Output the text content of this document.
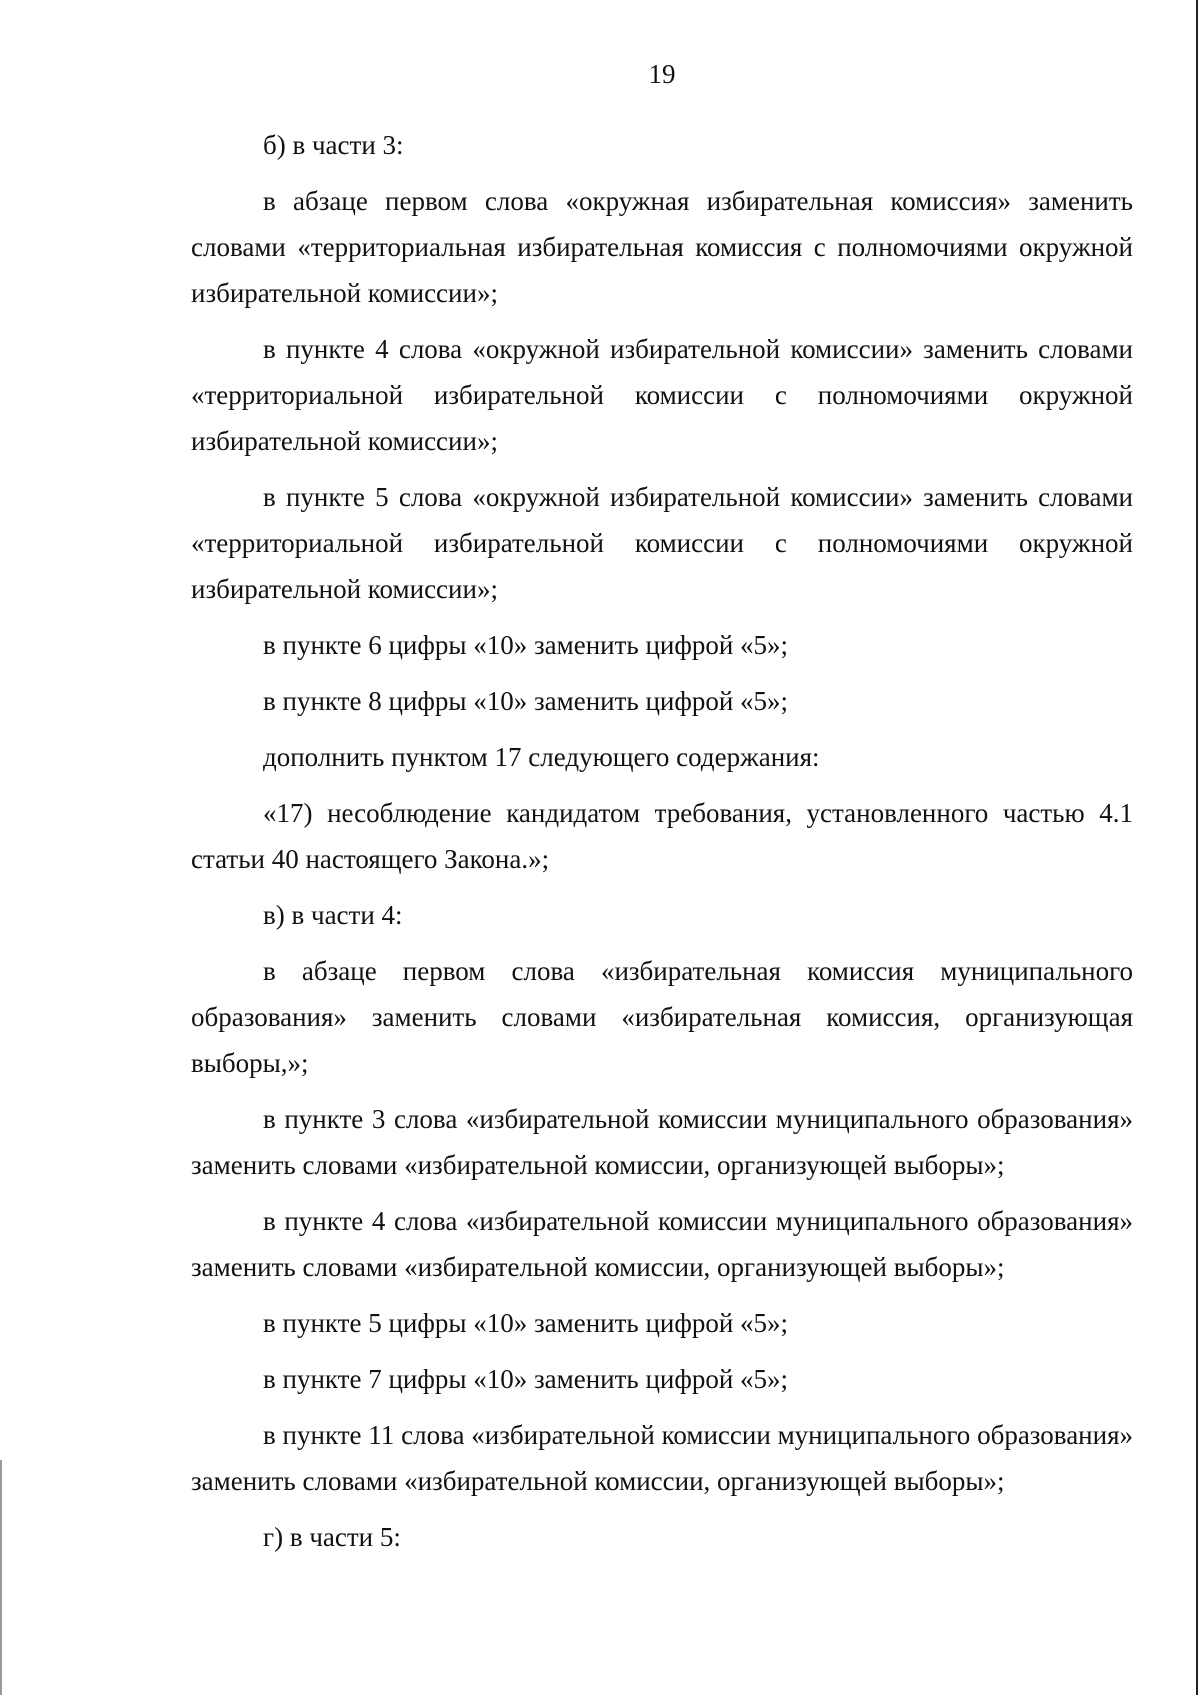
19

б) в части 3:

в абзаце первом слова «окружная избирательная комиссия» заменить словами «территориальная избирательная комиссия с полномочиями окружной избирательной комиссии»;

в пункте 4 слова «окружной избирательной комиссии» заменить словами «территориальной избирательной комиссии с полномочиями окружной избирательной комиссии»;

в пункте 5 слова «окружной избирательной комиссии» заменить словами «территориальной избирательной комиссии с полномочиями окружной избирательной комиссии»;

в пункте 6 цифры «10» заменить цифрой «5»;

в пункте 8 цифры «10» заменить цифрой «5»;

дополнить пунктом 17 следующего содержания:

«17) несоблюдение кандидатом требования, установленного частью 4.1 статьи 40 настоящего Закона.»;

в) в части 4:

в абзаце первом слова «избирательная комиссия муниципального образования» заменить словами «избирательная комиссия, организующая выборы,»;

в пункте 3 слова «избирательной комиссии муниципального образования» заменить словами «избирательной комиссии, организующей выборы»;

в пункте 4 слова «избирательной комиссии муниципального образования» заменить словами «избирательной комиссии, организующей выборы»;

в пункте 5 цифры «10» заменить цифрой «5»;

в пункте 7 цифры «10» заменить цифрой «5»;

в пункте 11 слова «избирательной комиссии муниципального образования» заменить словами «избирательной комиссии, организующей выборы»;

г) в части 5:
